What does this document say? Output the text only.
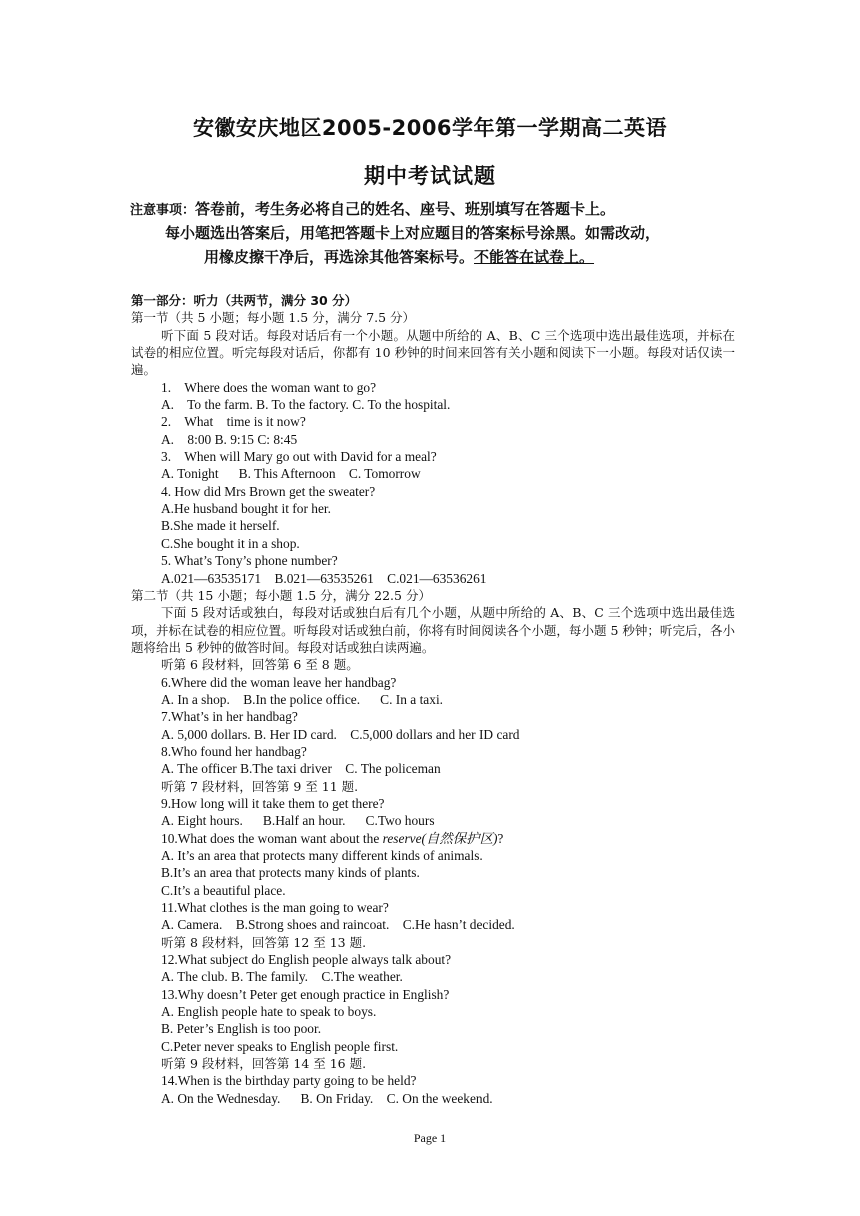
安徽安庆地区2005-2006学年第一学期高二英语
期中考试试题
注意事项：答卷前，考生务必将自己的姓名、座号、班别填写在答题卡上。
每小题选出答案后，用笔把答题卡上对应题目的答案标号涂黑。如需改动，
用橡皮擦干净后，再选涂其他答案标号。不能答在试卷上。
第一部分：听力（共两节，满分 30 分）
第一节（共 5 小题；每小题 1.5 分，满分 7.5 分）
听下面 5 段对话。每段对话后有一个小题。从题中所给的 A、B、C 三个选项中选出最佳选项，并标在试卷的相应位置。听完每段对话后，你都有 10 秒钟的时间来回答有关小题和阅读下一小题。每段对话仅读一遍。
1.    Where does the woman want to go?
A.    To the farm. B. To the factory. C. To the hospital.
2.    What    time is it now?
A.    8:00 B. 9:15 C: 8:45
3.    When will Mary go out with David for a meal?
A. Tonight      B. This Afternoon    C. Tomorrow
4. How did Mrs Brown get the sweater?
A.He husband bought it for her.
B.She made it herself.
C.She bought it in a shop.
5. What’s Tony’s phone number?
A.021—63535171    B.021—63535261    C.021—63536261
第二节（共 15 小题；每小题 1.5 分，满分 22.5 分）
下面 5 段对话或独白，每段对话或独白后有几个小题，从题中所给的 A、B、C 三个选项中选出最佳选项，并标在试卷的相应位置。听每段对话或独白前，你将有时间阅读各个小题，每小题 5 秒钟；听完后，各小题将给出 5 秒钟的做答时间。每段对话或独白读两遍。
听第 6 段材料，回答第 6 至 8 题。
6.Where did the woman leave her handbag?
A. In a shop.    B.In the police office.      C. In a taxi.
7.What’s in her handbag?
A. 5,000 dollars. B. Her ID card.    C.5,000 dollars and her ID card
8.Who found her handbag?
A. The officer B.The taxi driver    C. The policeman
听第 7 段材料，回答第 9 至 11 题.
9.How long will it take them to get there?
A. Eight hours.      B.Half an hour.      C.Two hours
10.What does the woman want about the reserve(自然保护区)?
A. It’s an area that protects many different kinds of animals.
B.It’s an area that protects many kinds of plants.
C.It’s a beautiful place.
11.What clothes is the man going to wear?
A. Camera.    B.Strong shoes and raincoat.    C.He hasn’t decided.
听第 8 段材料，回答第 12 至 13 题.
12.What subject do English people always talk about?
A. The club. B. The family.    C.The weather.
13.Why doesn’t Peter get enough practice in English?
A. English people hate to speak to boys.
B. Peter’s English is too poor.
C.Peter never speaks to English people first.
听第 9 段材料，回答第 14 至 16 题.
14.When is the birthday party going to be held?
A. On the Wednesday.      B. On Friday.    C. On the weekend.
Page 1
